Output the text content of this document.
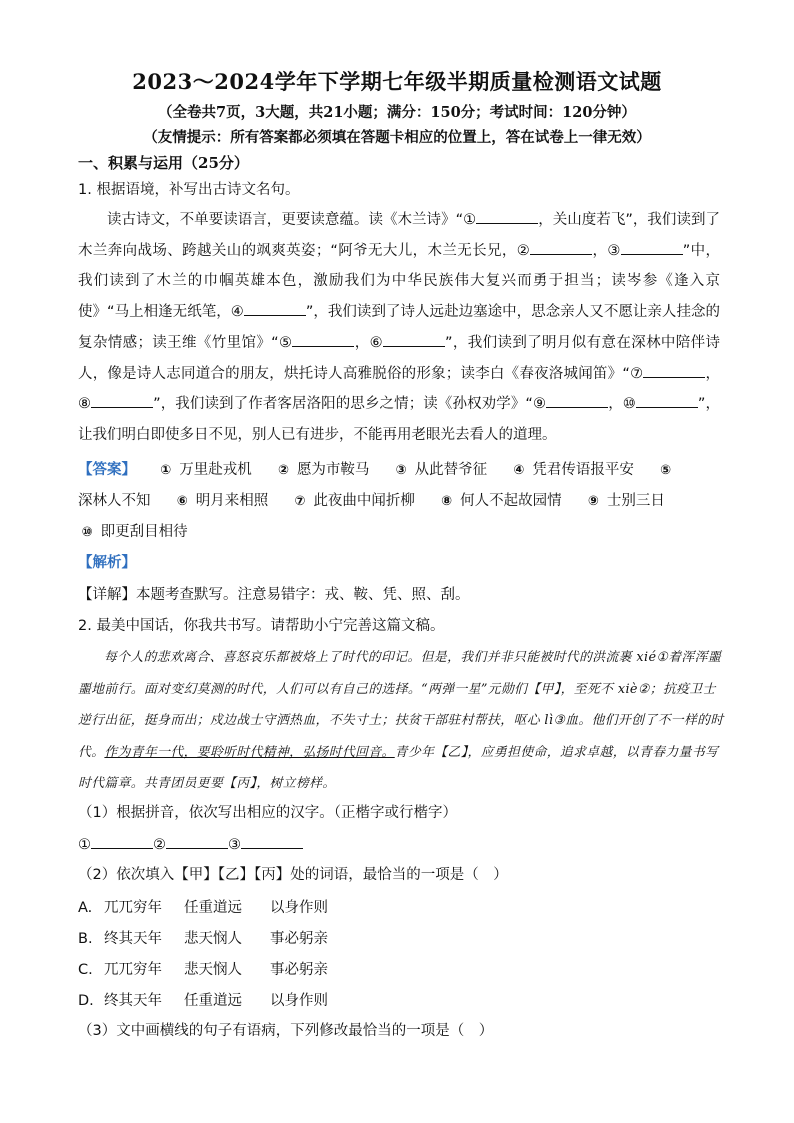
2023～2024学年下学期七年级半期质量检测语文试题
（全卷共7页，3大题，共21小题；满分：150分；考试时间：120分钟）
（友情提示：所有答案都必须填在答题卡相应的位置上，答在试卷上一律无效）
一、积累与运用（25分）
1. 根据语境，补写出古诗文名句。
读古诗文，不单要读语言，更要读意蕴。读《木兰诗》“①	，关山度若飞”，我们读到了木兰奔向战场、跨越关山的飒爽英姿；“阿爷无大儿，木兰无长兄，②	，③	”中，我们读到了木兰的巾帼英雄本色，激励我们为中华民族伟大复兴而勇于担当；读岑参《逢入京使》“马上相逢无纸笔，④	”，我们读到了诗人远赴边塞途中，思念亲人又不愿让亲人挂念的复杂情感；读王维《竹里馆》“⑤	，⑥	”，我们读到了明月似有意在深林中陪伴诗人，像是诗人志同道合的朋友，烘托诗人高雅脱俗的形象；读李白《春夜洛城闻笛》“⑦	，⑧	”，我们读到了作者客居洛阳的思乡之情；读《孙权劝学》“⑨	，⑩	”，让我们明白即使多日不见，别人已有进步，不能再用老眼光去看人的道理。
【答案】 ① 万里赴戎机 ② 愿为市鞍马 ③ 从此替爷征 ④ 凭君传语报平安 ⑤
深林人不知 ⑥ 明月来相照 ⑦ 此夜曲中闻折柳 ⑧ 何人不起故园情 ⑨ 士别三日
⑩ 即更刮目相待
【解析】
【详解】本题考查默写。注意易错字：戎、鞍、凭、照、刮。
2. 最美中国话，你我共书写。请帮助小宁完善这篇文稿。
每个人的悲欢离合、喜怒哀乐都被烙上了时代的印记。但是，我们并非只能被时代的洪流裹 xié①着浑浑噩噩地前行。面对变幻莫测的时代，人们可以有自己的选择。“两弹一星”元勋们【甲】，至死不 xiè②；抗疫卫士逆行出征，挺身而出；戍边战士守洒热血，不失寸土；扶贫干部驻村帮扶，呕心 lì③血。他们开创了不一样的时代。作为青年一代，要聆听时代精神，弘扬时代回音。青少年【乙】，应勇担使命，追求卓越，以青春力量书写时代篇章。共青团员更要【丙】，树立榜样。
（1）根据拼音，依次写出相应的汉字。（正楷字或行楷字）
①	②	③
（2）依次填入【甲】【乙】【丙】处的词语，最恰当的一项是（　）
A. 兀兀穷年 任重道远 以身作则
B. 终其天年 悲天悯人 事必躬亲
C. 兀兀穷年 悲天悯人 事必躬亲
D. 终其天年 任重道远 以身作则
（3）文中画横线的句子有语病，下列修改最恰当的一项是（　）
